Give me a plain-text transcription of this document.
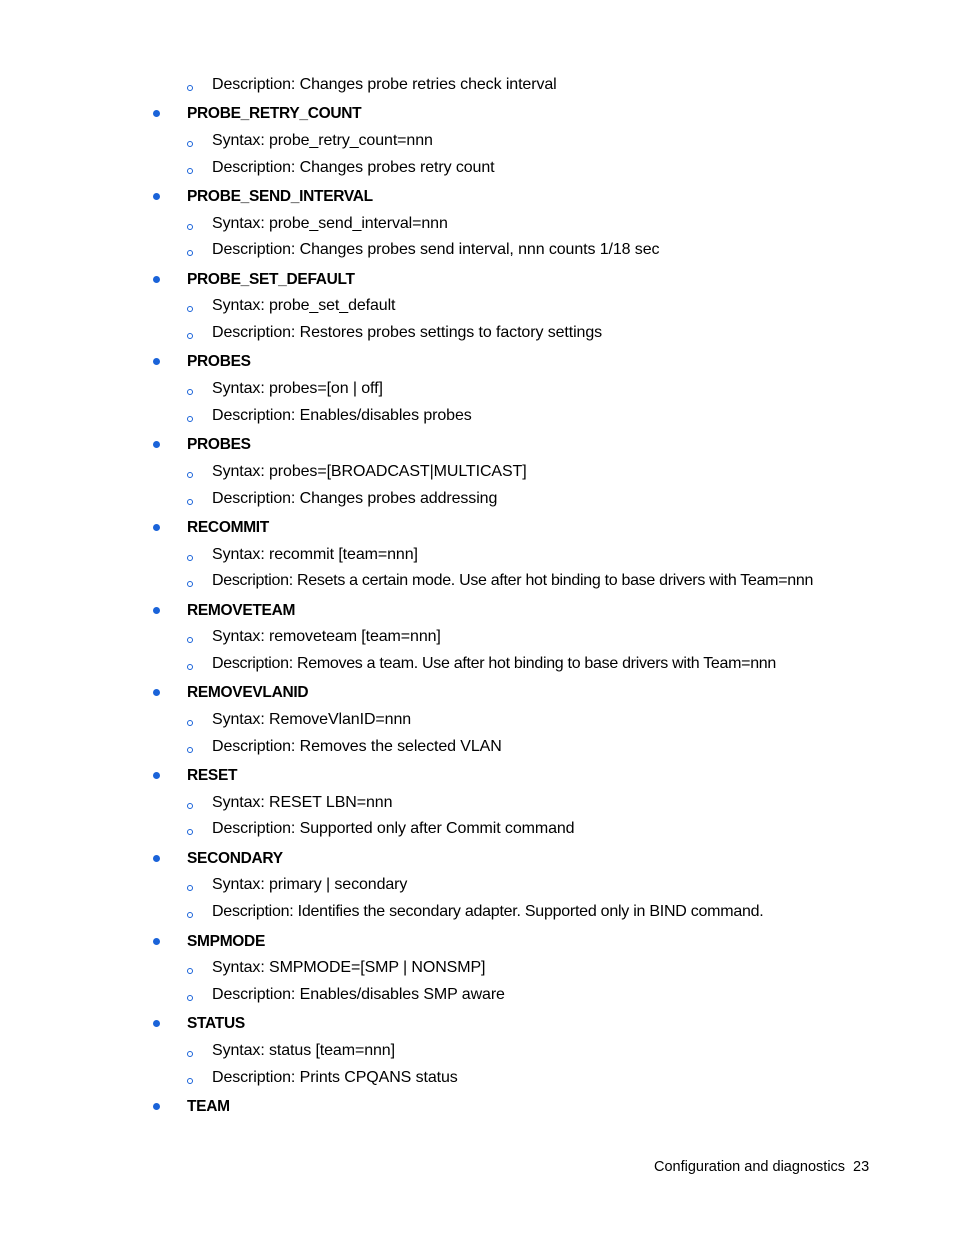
Description: Changes probe retries check interval
PROBE_RETRY_COUNT
Syntax: probe_retry_count=nnn
Description: Changes probes retry count
PROBE_SEND_INTERVAL
Syntax: probe_send_interval=nnn
Description: Changes probes send interval, nnn counts 1/18 sec
PROBE_SET_DEFAULT
Syntax: probe_set_default
Description: Restores probes settings to factory settings
PROBES
Syntax: probes=[on | off]
Description: Enables/disables probes
PROBES
Syntax: probes=[BROADCAST|MULTICAST]
Description: Changes probes addressing
RECOMMIT
Syntax: recommit [team=nnn]
Description: Resets a certain mode. Use after hot binding to base drivers with Team=nnn
REMOVETEAM
Syntax: removeteam [team=nnn]
Description: Removes a team. Use after hot binding to base drivers with Team=nnn
REMOVEVLANID
Syntax: RemoveVlanID=nnn
Description: Removes the selected VLAN
RESET
Syntax: RESET LBN=nnn
Description: Supported only after Commit command
SECONDARY
Syntax: primary | secondary
Description: Identifies the secondary adapter. Supported only in BIND command.
SMPMODE
Syntax: SMPMODE=[SMP | NONSMP]
Description: Enables/disables SMP aware
STATUS
Syntax: status [team=nnn]
Description: Prints CPQANS status
TEAM
Configuration and diagnostics 23
